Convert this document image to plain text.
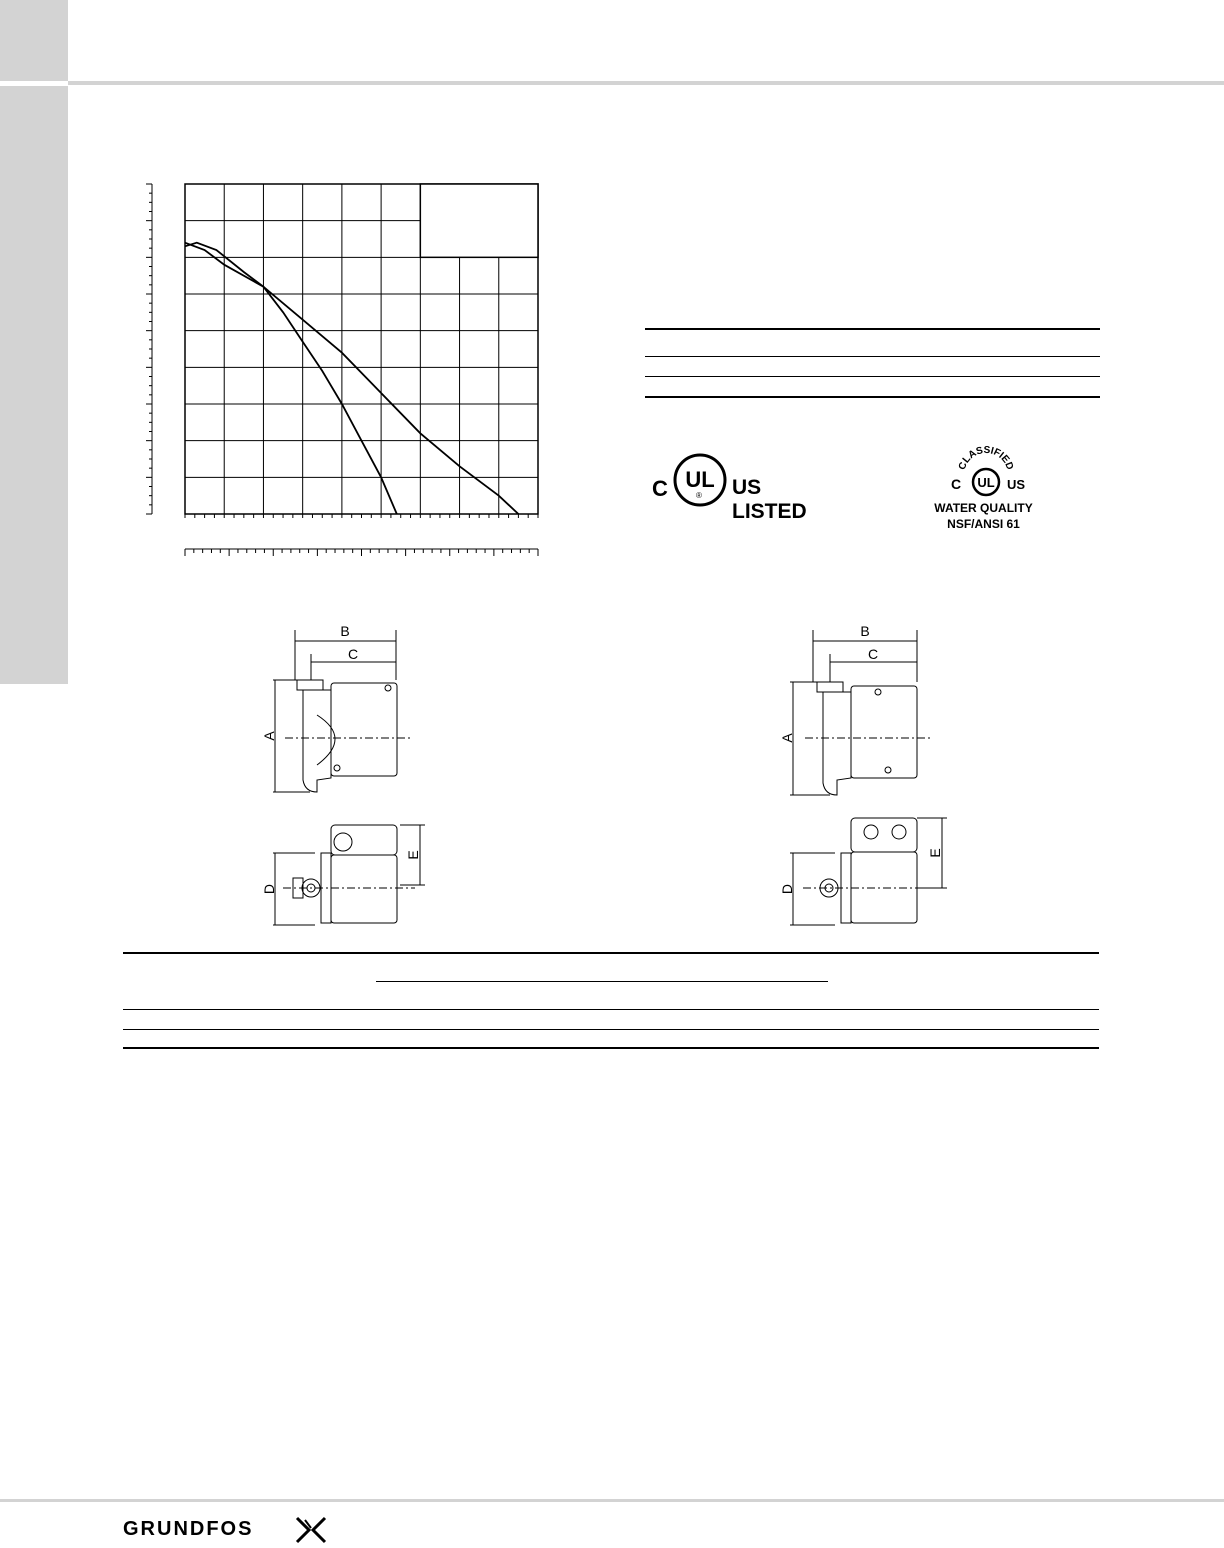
C UL
® US LISTED
CLASSIFIED
UL
C	US
WATER QUALITY
NSF/ANSI 61
B
C
A
D
E
B
C
A
D
E
GRUNDFOS
